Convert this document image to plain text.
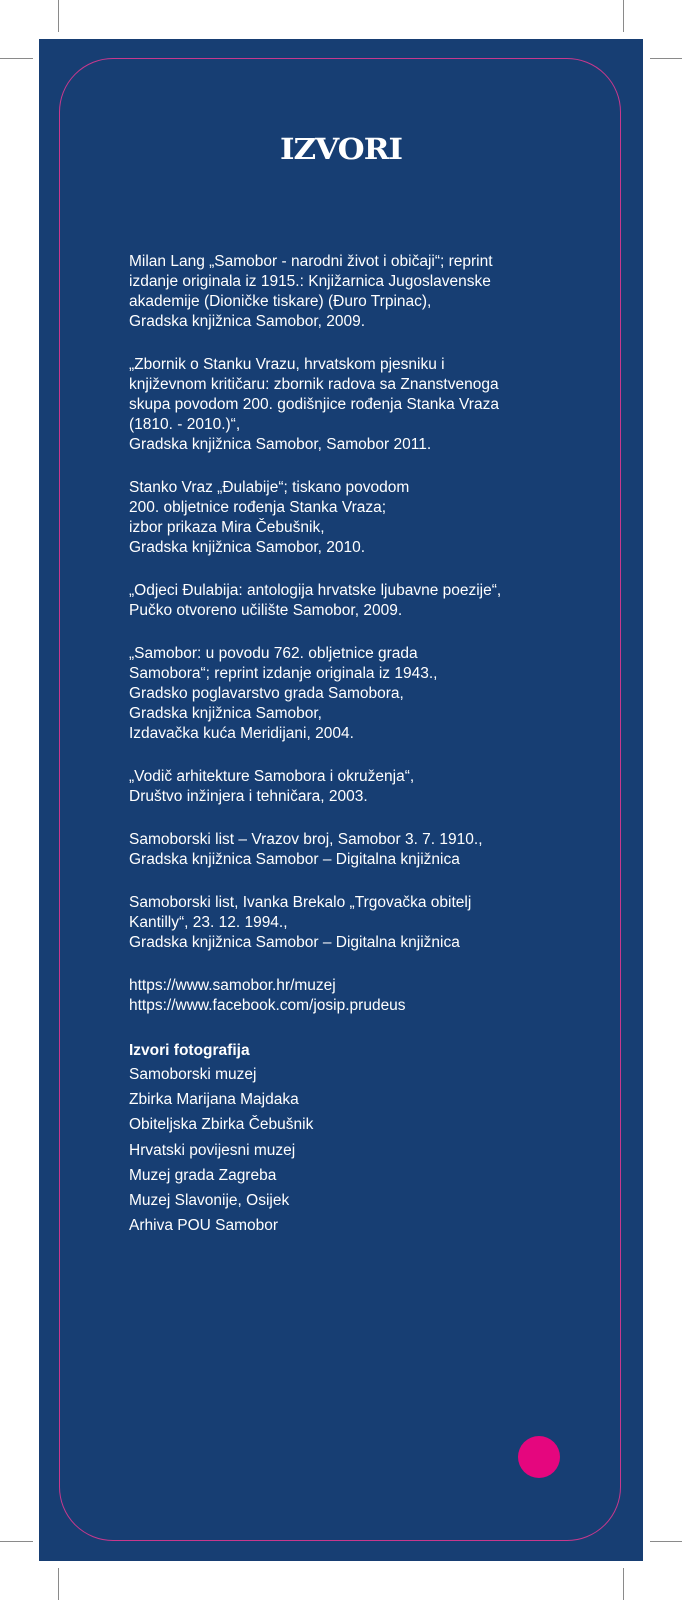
IZVORI
Milan Lang „Samobor - narodni život i običaji“; reprint
izdanje originala iz 1915.: Knjižarnica Jugoslavenske
akademije (Dioničke tiskare) (Đuro Trpinac),
Gradska knjižnica Samobor, 2009.
„Zbornik o Stanku Vrazu, hrvatskom pjesniku i
književnom kritičaru: zbornik radova sa Znanstvenoga
skupa povodom 200. godišnjice rođenja Stanka Vraza
(1810. - 2010.)“,
Gradska knjižnica Samobor, Samobor 2011.
Stanko Vraz „Đulabije“; tiskano povodom
200. obljetnice rođenja Stanka Vraza;
izbor prikaza Mira Čebušnik,
Gradska knjižnica Samobor, 2010.
„Odjeci Đulabija: antologija hrvatske ljubavne poezije“,
Pučko otvoreno učilište Samobor, 2009.
„Samobor: u povodu 762. obljetnice grada
Samobora“; reprint izdanje originala iz 1943.,
Gradsko poglavarstvo grada Samobora,
Gradska knjižnica Samobor,
Izdavačka kuća Meridijani, 2004.
„Vodič arhitekture Samobora i okruženja“,
Društvo inžinjera i tehničara, 2003.
Samoborski list – Vrazov broj, Samobor 3. 7. 1910.,
Gradska knjižnica Samobor – Digitalna knjižnica
Samoborski list, Ivanka Brekalo „Trgovačka obitelj
Kantilly“, 23. 12. 1994.,
Gradska knjižnica Samobor – Digitalna knjižnica
https://www.samobor.hr/muzej
https://www.facebook.com/josip.prudeus
Izvori fotografija
Samoborski muzej
Zbirka Marijana Majdaka
Obiteljska Zbirka Čebušnik
Hrvatski povijesni muzej
Muzej grada Zagreba
Muzej Slavonije, Osijek
Arhiva POU Samobor
